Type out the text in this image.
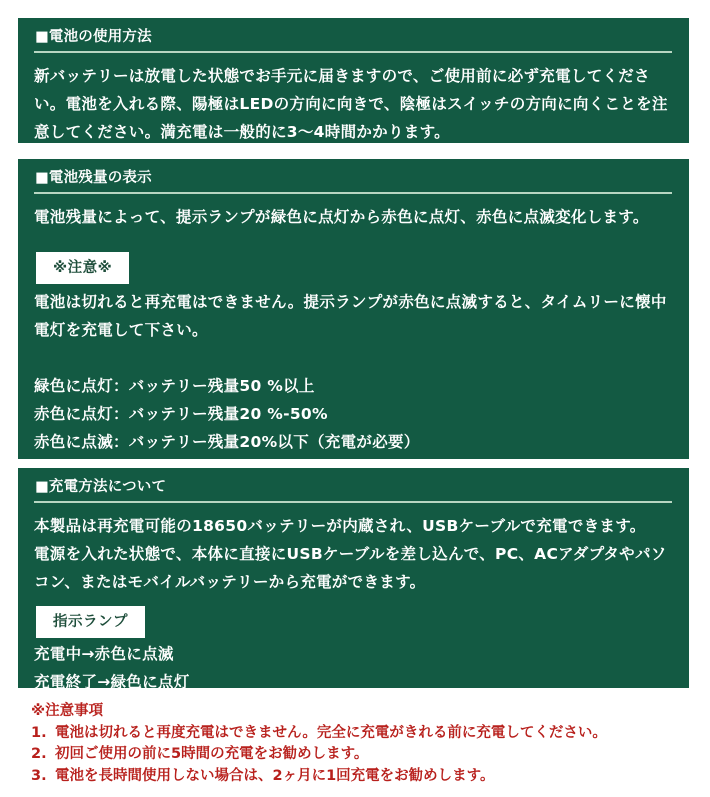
■電池の使用方法

新バッテリーは放電した状態でお手元に届きますので、ご使用前に必ず充電してください。電池を入れる際、陽極はLEDの方向に向きで、陰極はスイッチの方向に向くことを注意してください。満充電は一般的に3〜4時間かかります。

■電池残量の表示

電池残量によって、提示ランプが緑色に点灯から赤色に点灯、赤色に点滅変化します。

※注意※

電池は切れると再充電はできません。提示ランプが赤色に点滅すると、タイムリーに懐中電灯を充電して下さい。

緑色に点灯：バッテリー残量50 %以上

赤色に点灯：バッテリー残量20 %-50%

赤色に点滅：バッテリー残量20%以下（充電が必要）

■充電方法について

本製品は再充電可能の18650バッテリーが内蔵され、USBケーブルで充電できます。

電源を入れた状態で、本体に直接にUSBケーブルを差し込んで、PC、ACアダプタやパソコン、またはモバイルバッテリーから充電ができます。

指示ランプ

充電中→赤色に点滅

充電終了→緑色に点灯

※注意事項
1. 電池は切れると再度充電はできません。完全に充電がきれる前に充電してください。
2. 初回ご使用の前に5時間の充電をお勧めします。
3. 電池を長時間使用しない場合は、2ヶ月に1回充電をお勧めします。
